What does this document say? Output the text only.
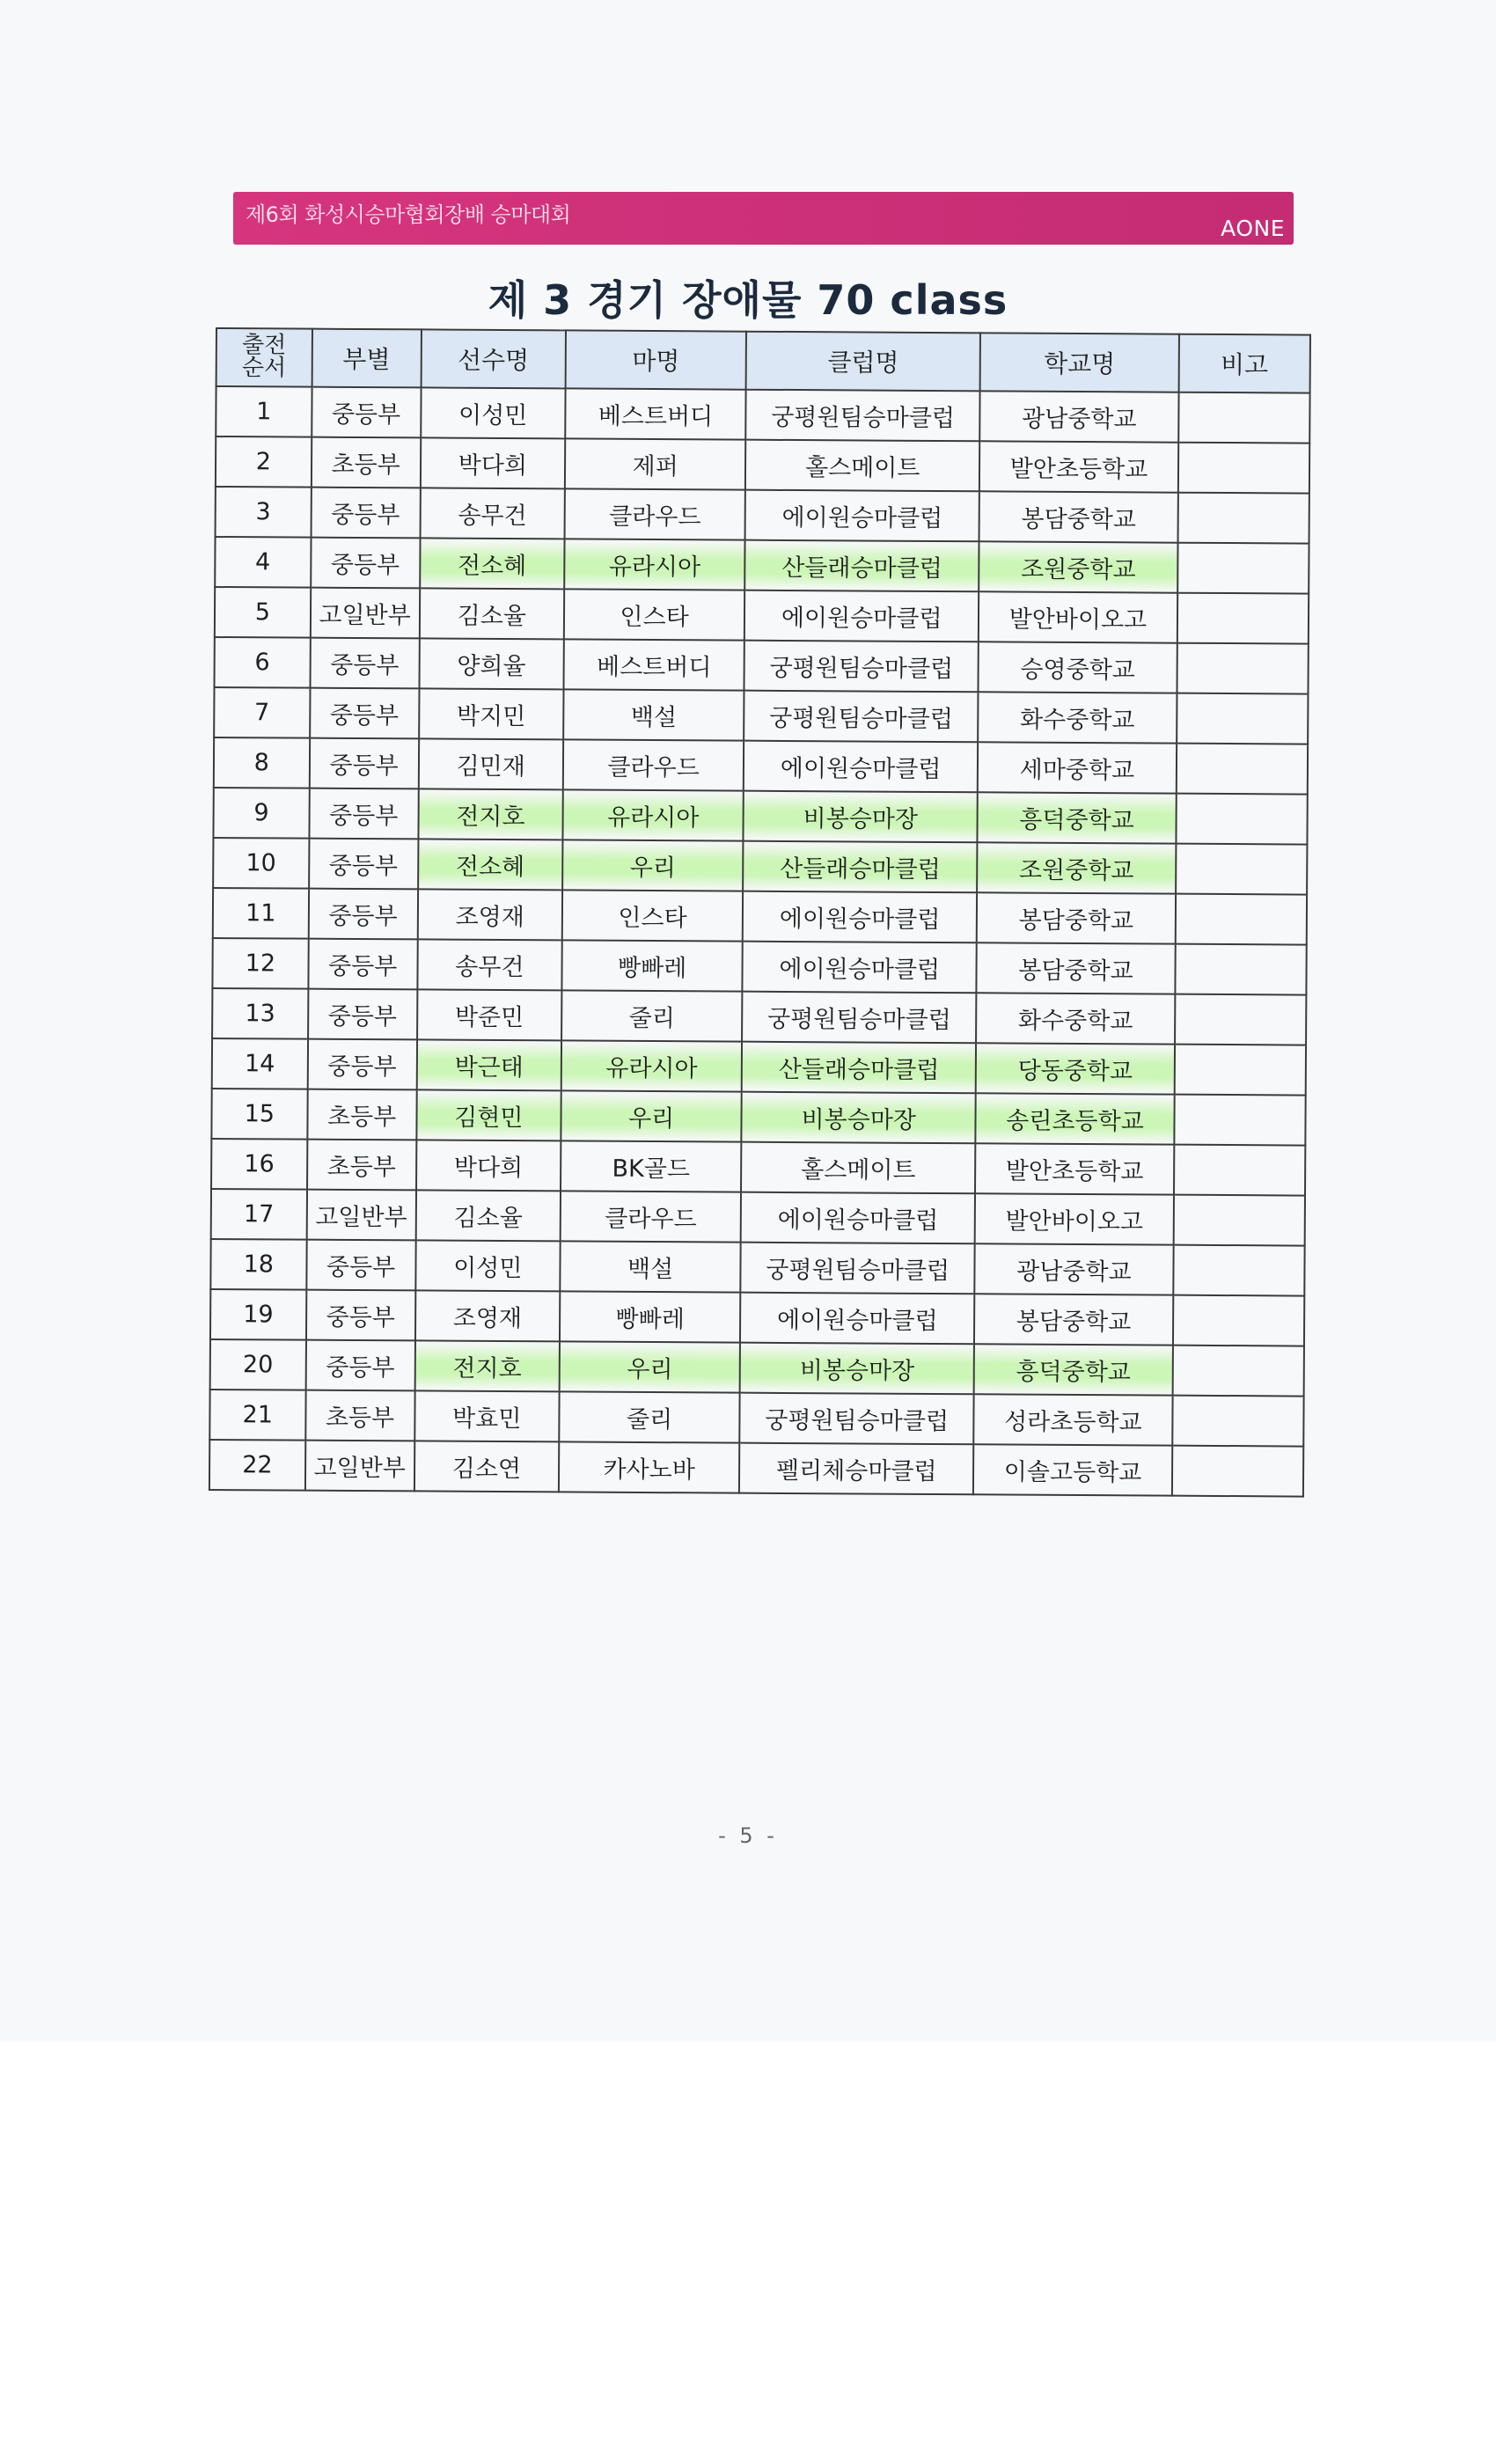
제6회 화성시승마협회장배 승마대회
AONE
제 3 경기 장애물 70 class
출전
순서	부별	선수명	마명	클럽명	학교명	비고
1	중등부	이성민	베스트버디	궁평원팀승마클럽	광남중학교	
2	초등부	박다희	제퍼	홀스메이트	발안초등학교	
3	중등부	송무건	클라우드	에이원승마클럽	봉담중학교	
4	중등부	전소혜	유라시아	산들래승마클럽	조원중학교	
5	고일반부	김소율	인스타	에이원승마클럽	발안바이오고	
6	중등부	양희율	베스트버디	궁평원팀승마클럽	승영중학교	
7	중등부	박지민	백설	궁평원팀승마클럽	화수중학교	
8	중등부	김민재	클라우드	에이원승마클럽	세마중학교	
9	중등부	전지호	유라시아	비봉승마장	흥덕중학교	
10	중등부	전소혜	우리	산들래승마클럽	조원중학교	
11	중등부	조영재	인스타	에이원승마클럽	봉담중학교	
12	중등부	송무건	빵빠레	에이원승마클럽	봉담중학교	
13	중등부	박준민	줄리	궁평원팀승마클럽	화수중학교	
14	중등부	박근태	유라시아	산들래승마클럽	당동중학교	
15	초등부	김현민	우리	비봉승마장	송린초등학교	
16	초등부	박다희	BK골드	홀스메이트	발안초등학교	
17	고일반부	김소율	클라우드	에이원승마클럽	발안바이오고	
18	중등부	이성민	백설	궁평원팀승마클럽	광남중학교	
19	중등부	조영재	빵빠레	에이원승마클럽	봉담중학교	
20	중등부	전지호	우리	비봉승마장	흥덕중학교	
21	초등부	박효민	줄리	궁평원팀승마클럽	성라초등학교	
22	고일반부	김소연	카사노바	펠리체승마클럽	이솔고등학교	
- 5 -
